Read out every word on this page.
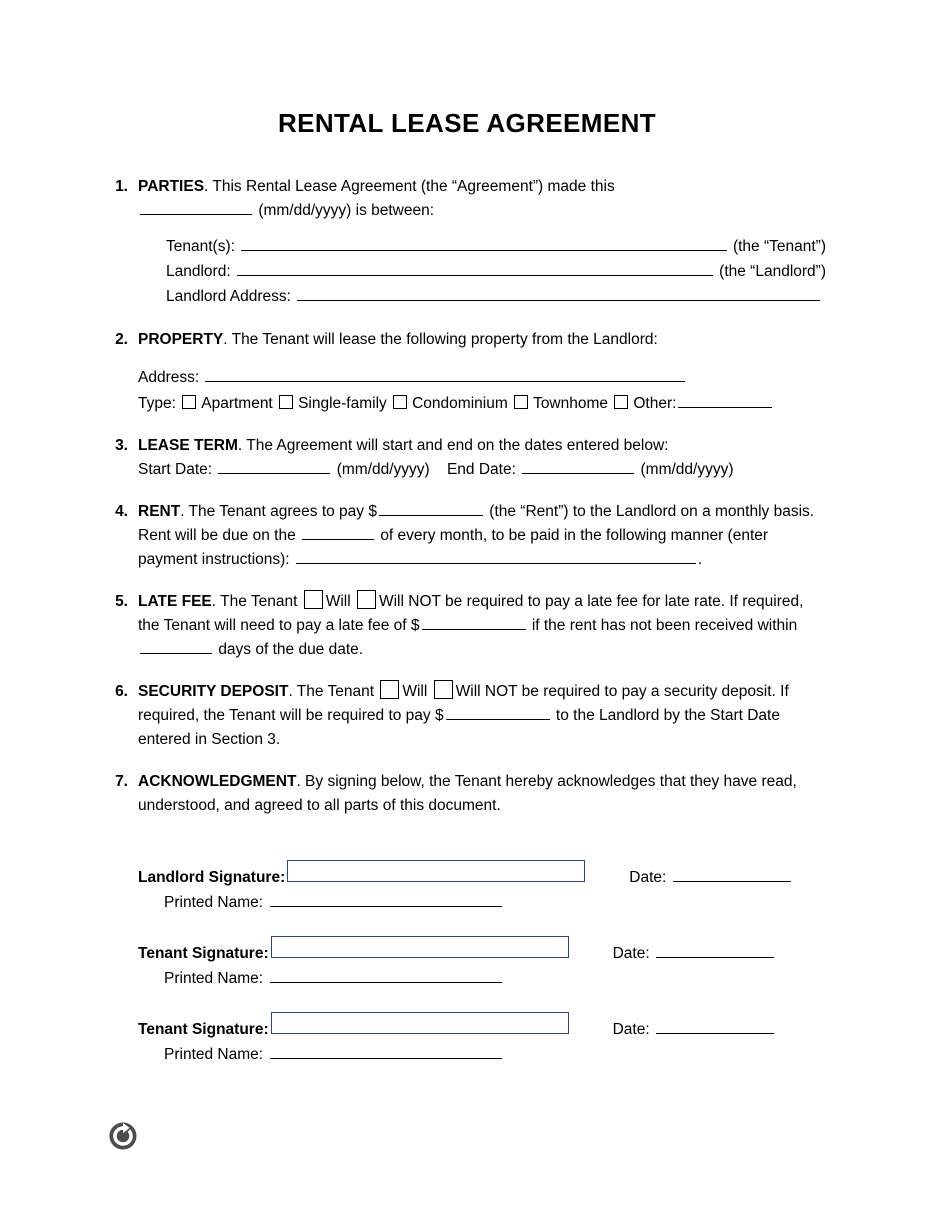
RENTAL LEASE AGREEMENT
1. PARTIES. This Rental Lease Agreement (the “Agreement”) made this
(mm/dd/yyyy) is between:
Tenant(s):	(the “Tenant”)
Landlord:	(the “Landlord”)
Landlord Address:
2. PROPERTY. The Tenant will lease the following property from the Landlord:
Address:
Type: Apartment Single-family Condominium Townhome Other:
3. LEASE TERM. The Agreement will start and end on the dates entered below:
Start Date:	(mm/dd/yyyy) End Date:	(mm/dd/yyyy)
4. RENT. The Tenant agrees to pay $	(the “Rent”) to the Landlord on a monthly basis. Rent will be due on the	of every month, to be paid in the following manner (enter payment instructions):	.
5. LATE FEE. The Tenant Will Will NOT be required to pay a late fee for late rate. If required, the Tenant will need to pay a late fee of $	if the rent has not been received within  days of the due date.
6. SECURITY DEPOSIT. The Tenant Will Will NOT be required to pay a security deposit. If required, the Tenant will be required to pay $	to the Landlord by the Start Date entered in Section 3.
7. ACKNOWLEDGMENT. By signing below, the Tenant hereby acknowledges that they have read, understood, and agreed to all parts of this document.
Landlord Signature:	Date:
Printed Name:
Tenant Signature:	Date:
Printed Name:
Tenant Signature:	Date:
Printed Name:
